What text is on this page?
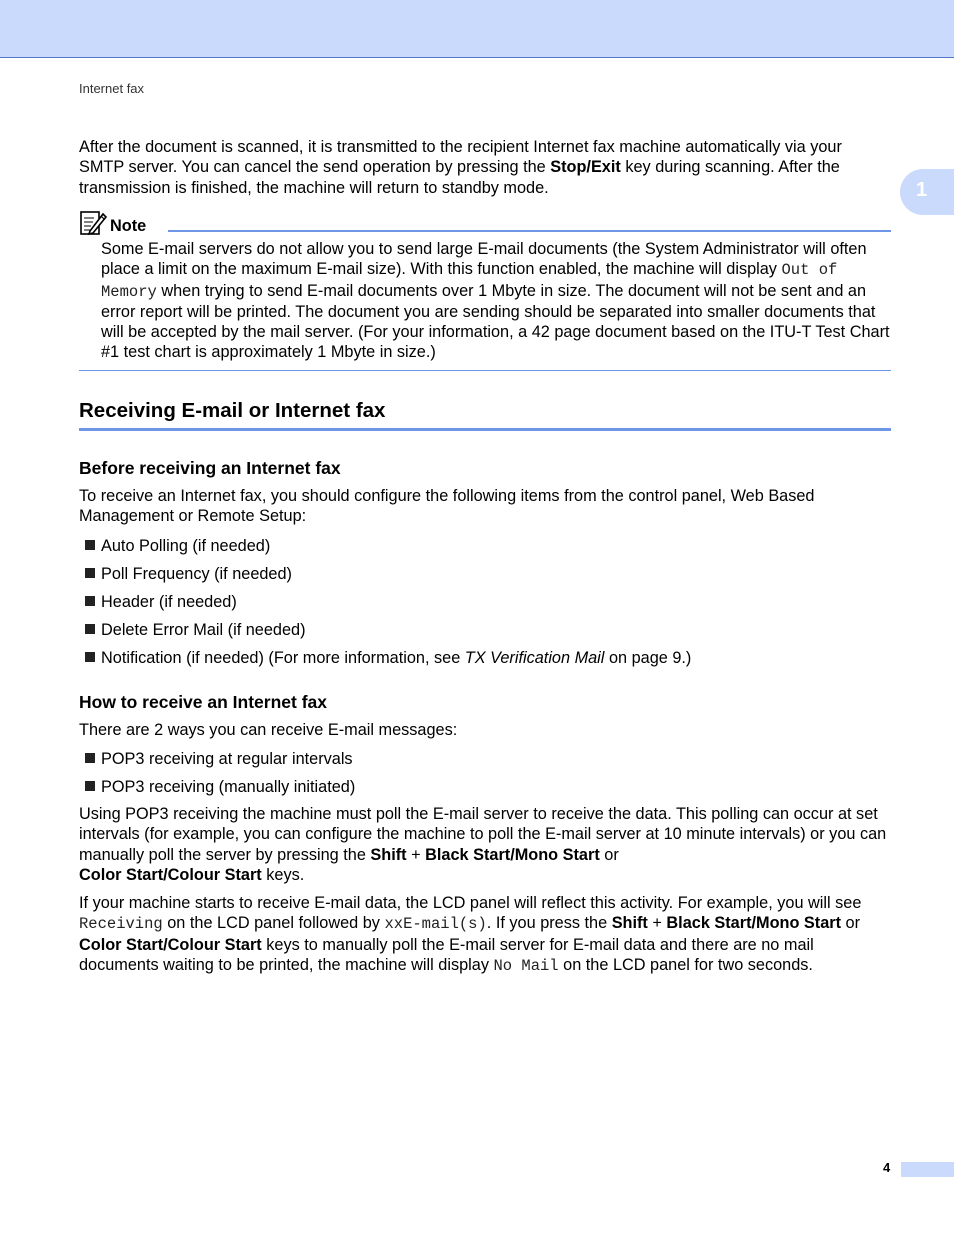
Internet fax
1

After the document is scanned, it is transmitted to the recipient Internet fax machine automatically via your SMTP server. You can cancel the send operation by pressing the Stop/Exit key during scanning. After the transmission is finished, the machine will return to standby mode.

Note

Some E-mail servers do not allow you to send large E-mail documents (the System Administrator will often place a limit on the maximum E-mail size). With this function enabled, the machine will display Out of Memory when trying to send E-mail documents over 1 Mbyte in size. The document will not be sent and an error report will be printed. The document you are sending should be separated into smaller documents that will be accepted by the mail server. (For your information, a 42 page document based on the ITU-T Test Chart #1 test chart is approximately 1 Mbyte in size.)

Receiving E-mail or Internet fax
Before receiving an Internet fax

To receive an Internet fax, you should configure the following items from the control panel, Web Based Management or Remote Setup:

Auto Polling (if needed)
Poll Frequency (if needed)
Header (if needed)
Delete Error Mail (if needed)
Notification (if needed) (For more information, see TX Verification Mail on page 9.)
How to receive an Internet fax

There are 2 ways you can receive E-mail messages:

POP3 receiving at regular intervals
POP3 receiving (manually initiated)

Using POP3 receiving the machine must poll the E-mail server to receive the data. This polling can occur at set intervals (for example, you can configure the machine to poll the E-mail server at 10 minute intervals) or you can manually poll the server by pressing the Shift + Black Start/Mono Start or
Color Start/Colour Start keys.

If your machine starts to receive E-mail data, the LCD panel will reflect this activity. For example, you will see Receiving on the LCD panel followed by xxE-mail(s). If you press the Shift + Black Start/Mono Start or Color Start/Colour Start keys to manually poll the E-mail server for E-mail data and there are no mail documents waiting to be printed, the machine will display No Mail on the LCD panel for two seconds.

4
